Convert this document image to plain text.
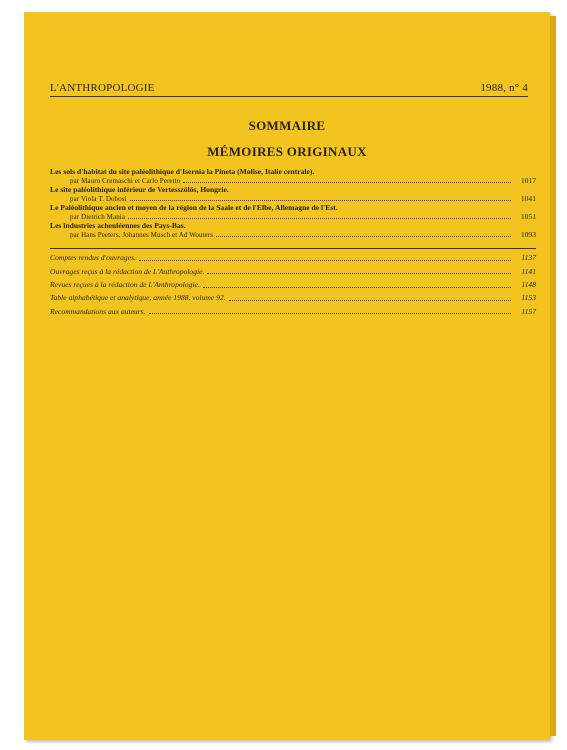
L'ANTHROPOLOGIE	1988, n° 4
SOMMAIRE
MÉMOIRES ORIGINAUX
Les sols d'habitat du site paléolithique d'Isernia la Pineta (Molise, Italie centrale).
par Mauro Cremaschi et Carlo Peretto	1017
Le site paléolithique inférieur de Vertesszölös, Hongrie.
par Viola T. Dobosi	1041
Le Paléolithique ancien et moyen de la région de la Saale et de l'Elbe, Allemagne de l'Est.
par Dietrich Mania	1051
Les industries acheuléennes des Pays-Bas.
par Hans Peeters, Johannes Musch et Ad Wouters	1093
Comptes rendus d'ouvrages.	1137
Ouvrages reçus à la rédaction de L'Anthropologie.	1141
Revues reçues à la rédaction de L'Anthropologie.	1148
Table alphabétique et analytique, année 1988, volume 92.	1153
Recommandations aux auteurs.	1157
